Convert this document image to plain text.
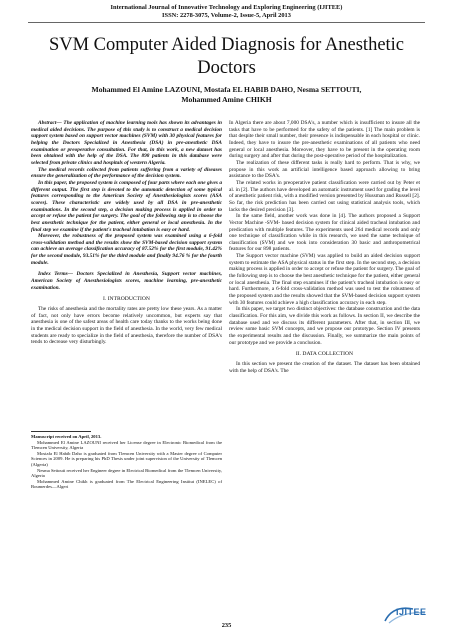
International Journal of Innovative Technology and Exploring Engineering (IJITEE)
ISSN: 2278-3075, Volume-2, Issue-5, April 2013
SVM Computer Aided Diagnosis for Anesthetic Doctors
Mohammed El Amine LAZOUNI, Mostafa EL HABIB DAHO, Nesma SETTOUTI,
Mohammed Amine CHIKH

Abstract— The application of machine learning tools has shown its advantages in medical aided decisions. The purpose of this study is to construct a medical decision support system based on support vector machines (SVM) with 30 physical features for helping the Doctors Specialized in Anesthesia (DSA) in pre-anesthetic DSA examination or preoperative consultation. For that, in this work, a new dataset has been obtained with the help of the DSA. The 898 patients in this database were selected from private clinics and hospitals of western Algeria.

The medical records collected from patients suffering from a variety of diseases ensure the generalization of the performance of the decision system.

In this paper, the proposed system is composed of four parts where each one gives a different output. The first step is devoted to the automatic detection of some typical features corresponding to the American Society of Anesthesiologists scores (ASA scores). These characteristic are widely used by all DSA in pre-anesthetic examinations. In the second step, a decision making process is applied in order to accept or refuse the patient for surgery. The goal of the following step is to choose the best anesthetic technique for the patient, either general or local anesthesia. In the final step we examine if the patient's tracheal intubation is easy or hard.

Moreover, the robustness of the proposed system was examined using a 6-fold cross-validation method and the results show the SVM-based decision support system can achieve an average classification accuracy of 87.52% for the first module, 91.42% for the second module, 93.51% for the third module and finally 94.76 % for the fourth module.

Index Terms— Doctors Specialized in Anesthesia, Support vector machines, American Society of Anesthesiologists scores, machine learning, pre-anesthetic examination.

I. INTRODUCTION

The risks of anesthesia and the mortality rates are pretty low these years. As a matter of fact, not only have errors become relatively uncommon, but experts say that anesthesia is one of the safest areas of health care today thanks to the works being done in the medical decision support in the field of anesthesia. In the world, very few medical students are ready to specialize in the field of anesthesia, therefore the number of DSA's tends to decrease very disturbingly.

Manuscript received on April, 2013.

Mohammed El Amine LAZOUNI received her License degree in Electronic Biomedical from the Tlemcen University, Algeria

Mostafa El Habib Daho is graduated from Tlemcen University with a Master degree of Computer Sciences in 2009. He is preparing his PhD Thesis under joint supervision of the University of Tlemcen (Algeria)

Nesma Settouti received her Engineer degree in Electrical Biomedical from the Tlemcen University, Algeria

Mohammed Amine Chikh is graduated from The Electrical Engineering Institut (INELEC) of Boumerdes—Algeri

In Algeria there are about 7,000 DSA's, a number which is insufficient to insure all the tasks that have to be performed for the safety of the patients. [1] The main problem is that despite their small number, their presence is indispensable in each hospital or clinic. Indeed, they have to insure the pre-anesthetic examinations of all patients who need general or local anesthesia. Moreover, they have to be present in the operating room during surgery and after that during the post-operative period of the hospitalization.

The realization of these different tasks is really hard to perform. That is why, we propose in this work an artificial intelligence based approach allowing to bring assistance to the DSA's.

The related works in preoperative patient classification were carried out by Peter et al. in [2]. The authors have developed an automatic instrument used for grading the level of anesthetic patient risk, with a modified version presented by Hussman and Russell [2]. So far, the risk prediction has been carried out using statistical analysis tools, which lacks the desired precision [3].

In the same field, another work was done in [4]. The authors proposed a Support Vector Machine -SVM- based decision system for clinical aided tracheal intubation and predication with multiple features. The experiments used 264 medical records and only one technique of classification while in this research, we used the same technique of classification (SVM) and we took into consideration 30 basic and anthropometrical features for our 898 patients.

The Support vector machine (SVM) was applied to build an aided decision support system to estimate the ASA physical status in the first step. In the second step, a decision making process is applied in order to accept or refuse the patient for surgery. The goal of the following step is to choose the best anesthetic technique for the patient, either general or local anesthesia. The final step examines if the patient's tracheal intubation is easy or hard. Furthermore, a 6-fold cross-validation method was used to test the robustness of the proposed system and the results showed that the SVM-based decision support system with 30 features could achieve a high classification accuracy in each step.

In this paper, we target two distinct objectives: the database construction and the data classification. For this aim, we divide this work as follows. In section II, we describe the database used and we discuss its different parameters. After that, in section III, we review some basic SVM concepts, and we propose our prototype. Section IV presents the experimental results and the discussion. Finally, we summarize the main points of our prototype and we provide a conclusion.

II. DATA COLLECTION

In this section we present the creation of the dataset. The dataset has been obtained with the help of DSA's. The

235
IJITEE
